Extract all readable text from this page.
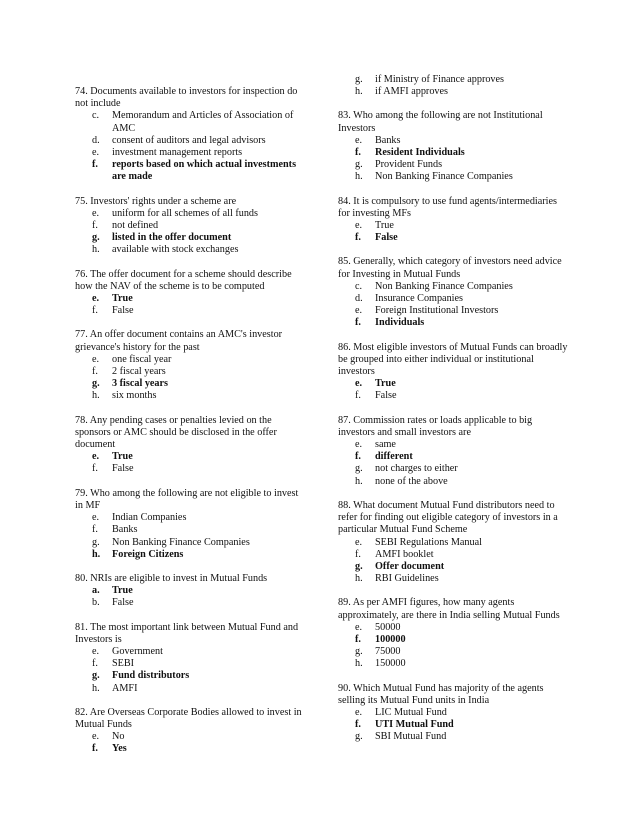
74. Documents available to investors for inspection do not include

c.	Memorandum and Articles of Association of AMC
d.	consent of auditors and legal advisors
e.	investment management reports
f.	reports based on which actual investments are made

75. Investors' rights under a scheme are

e.	uniform for all schemes of all funds
f.	not defined
g.	listed in the offer document
h.	available with stock exchanges

76. The offer document for a scheme should describe how the NAV of the scheme is to be computed

e.	True
f.	False

77. An offer document contains an AMC's investor grievance's history for the past

e.	one fiscal year
f.	2 fiscal years
g.	3 fiscal years
h.	six months

78. Any pending cases or penalties levied on the sponsors or AMC should be disclosed in the offer document

e.	True
f.	False

79. Who among the following are not eligible to invest in MF

e.	Indian Companies
f.	Banks
g.	Non Banking Finance Companies
h.	Foreign Citizens

80. NRIs are eligible to invest in Mutual Funds

a.	True
b.	False

81. The most important link between Mutual Fund and Investors is

e.	Government
f.	SEBI
g.	Fund distributors
h.	AMFI

82. Are Overseas Corporate Bodies allowed to invest in Mutual Funds

e.	No
f.	Yes
g.	if Ministry of Finance approves
h.	if AMFI approves

83. Who among the following are not Institutional Investors

e.	Banks
f.	Resident Individuals
g.	Provident Funds
h.	Non Banking Finance Companies

84. It is compulsory to use fund agents/intermediaries for investing MFs

e.	True
f.	False

85. Generally, which category of investors need advice for Investing in Mutual Funds

c.	Non Banking Finance Companies
d.	Insurance Companies
e.	Foreign Institutional Investors
f.	Individuals

86. Most eligible investors of Mutual Funds can broadly be grouped into either individual or institutional investors

e.	True
f.	False

87. Commission rates or loads applicable to big investors and small investors are

e.	same
f.	different
g.	not charges to either
h.	none of the above

88. What document Mutual Fund distributors need to refer for finding out eligible category of investors in a particular Mutual Fund Scheme

e.	SEBI Regulations Manual
f.	AMFI booklet
g.	Offer document
h.	RBI Guidelines

89. As per AMFI figures, how many agents approximately, are there in India selling Mutual Funds

e.	50000
f.	100000
g.	75000
h.	150000

90. Which Mutual Fund has majority of the agents selling its Mutual Fund units in India

e.	LIC Mutual Fund
f.	UTI Mutual Fund
g.	SBI Mutual Fund
